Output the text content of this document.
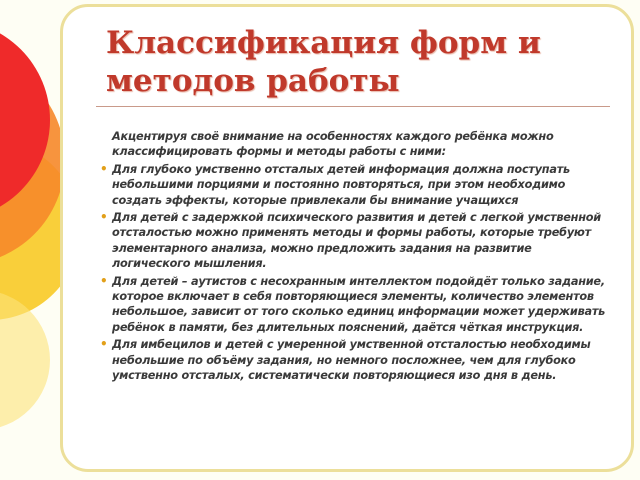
Классификация форм и методов работы

Акцентируя своё внимание на особенностях каждого ребёнка можно классифицировать формы и методы работы с ними:

• Для глубоко умственно отсталых детей информация должна поступать небольшими порциями и постоянно повторяться, при этом необходимо создать эффекты, которые привлекали бы внимание учащихся
• Для детей с задержкой психического развития и детей с легкой умственной отсталостью можно применять методы и формы работы, которые требуют элементарного анализа, можно предложить задания на развитие логического мышления.
• Для детей – аутистов с несохранным интеллектом подойдёт только задание, которое включает в себя повторяющиеся элементы, количество элементов небольшое, зависит от того сколько единиц информации может удерживать ребёнок в памяти, без длительных пояснений, даётся чёткая инструкция.
• Для имбецилов и детей с умеренной умственной отсталостью необходимы небольшие по объёму задания, но немного посложнее, чем для глубоко умственно отсталых, систематически повторяющиеся изо дня в день.
